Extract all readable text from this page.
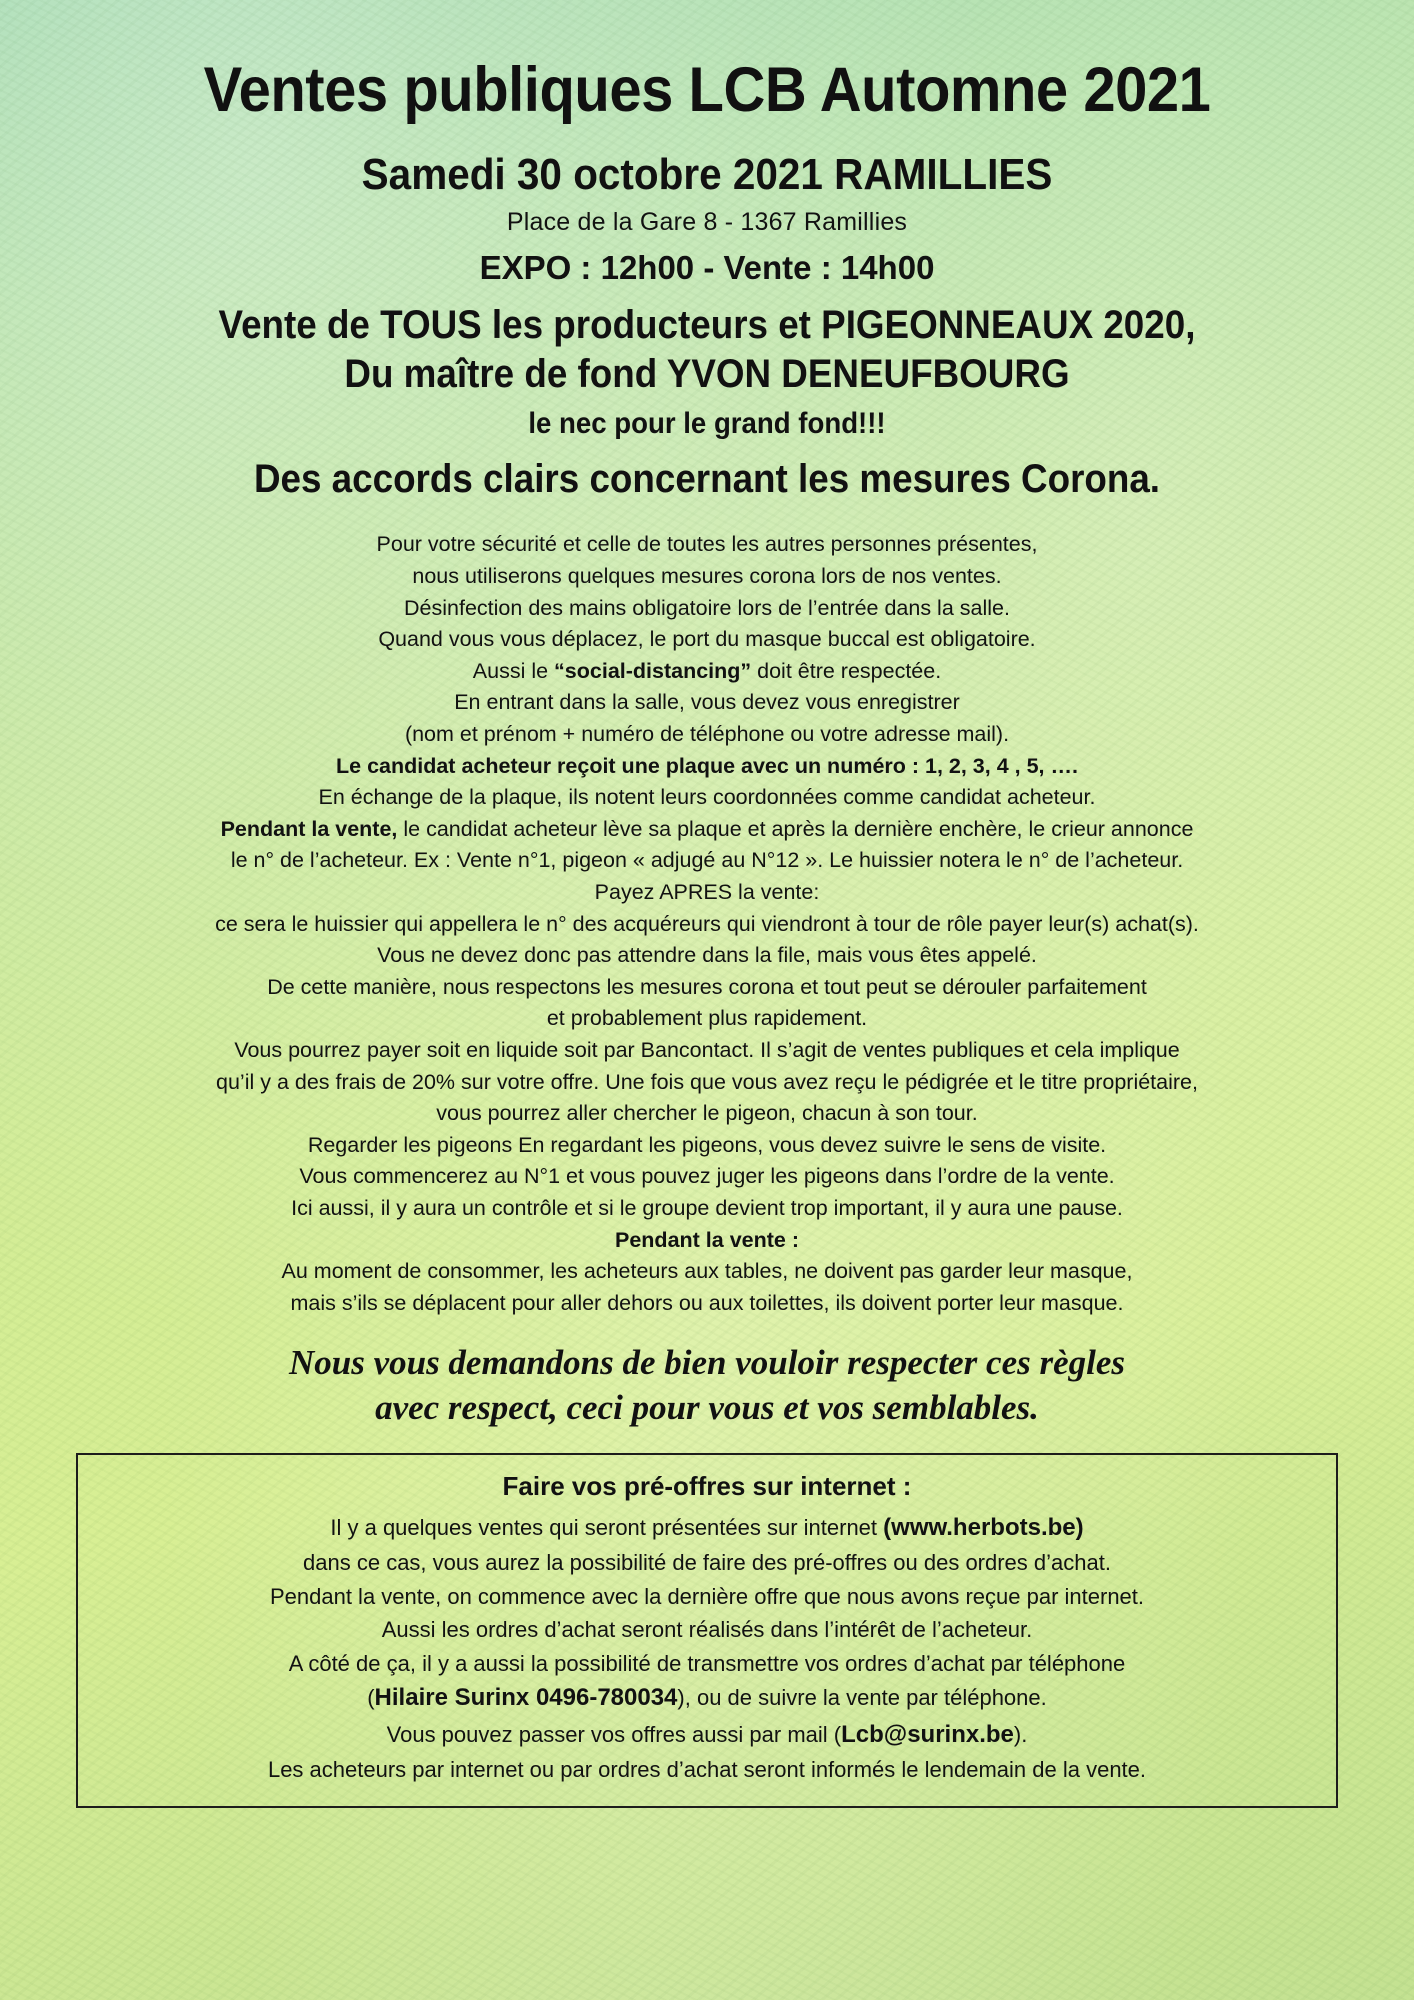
Ventes publiques LCB Automne 2021
Samedi 30 octobre 2021 RAMILLIES
Place de la Gare 8 - 1367 Ramillies
EXPO : 12h00 - Vente : 14h00
Vente de TOUS les producteurs et PIGEONNEAUX 2020,
Du maître de fond YVON DENEUFBOURG
le nec pour le grand fond!!!
Des accords clairs concernant les mesures Corona.

Pour votre sécurité et celle de toutes les autres personnes présentes,

nous utiliserons quelques mesures corona lors de nos ventes.

Désinfection des mains obligatoire lors de l’entrée dans la salle.

Quand vous vous déplacez, le port du masque buccal est obligatoire.

Aussi le “social-distancing” doit être respectée.

En entrant dans la salle, vous devez vous enregistrer

(nom et prénom + numéro de téléphone ou votre adresse mail).

Le candidat acheteur reçoit une plaque avec un numéro : 1, 2, 3, 4 , 5, ….

En échange de la plaque, ils notent leurs coordonnées comme candidat acheteur.

Pendant la vente, le candidat acheteur lève sa plaque et après la dernière enchère, le crieur annonce

le n° de l’acheteur. Ex : Vente n°1, pigeon « adjugé au N°12 ». Le huissier notera le n° de l’acheteur.

Payez APRES la vente:

ce sera le huissier qui appellera le n° des acquéreurs qui viendront à tour de rôle payer leur(s) achat(s).

Vous ne devez donc pas attendre dans la file, mais vous êtes appelé.

De cette manière, nous respectons les mesures corona et tout peut se dérouler parfaitement

et probablement plus rapidement.

Vous pourrez payer soit en liquide soit par Bancontact. Il s’agit de ventes publiques et cela implique

qu’il y a des frais de 20% sur votre offre. Une fois que vous avez reçu le pédigrée et le titre propriétaire,

vous pourrez aller chercher le pigeon, chacun à son tour.

Regarder les pigeons En regardant les pigeons, vous devez suivre le sens de visite.

Vous commencerez au N°1 et vous pouvez juger les pigeons dans l’ordre de la vente.

Ici aussi, il y aura un contrôle et si le groupe devient trop important, il y aura une pause.

Pendant la vente :

Au moment de consommer, les acheteurs aux tables, ne doivent pas garder leur masque,

mais s’ils se déplacent pour aller dehors ou aux toilettes, ils doivent porter leur masque.

Nous vous demandons de bien vouloir respecter ces règles
avec respect, ceci pour vous et vos semblables.
Faire vos pré-offres sur internet :

Il y a quelques ventes qui seront présentées sur internet (www.herbots.be)

dans ce cas, vous aurez la possibilité de faire des pré-offres ou des ordres d’achat.

Pendant la vente, on commence avec la dernière offre que nous avons reçue par internet.

Aussi les ordres d’achat seront réalisés dans l’intérêt de l’acheteur.

A côté de ça, il y a aussi la possibilité de transmettre vos ordres d’achat par téléphone

(Hilaire Surinx 0496-780034), ou de suivre la vente par téléphone.

Vous pouvez passer vos offres aussi par mail (Lcb@surinx.be).

Les acheteurs par internet ou par ordres d’achat seront informés le lendemain de la vente.
